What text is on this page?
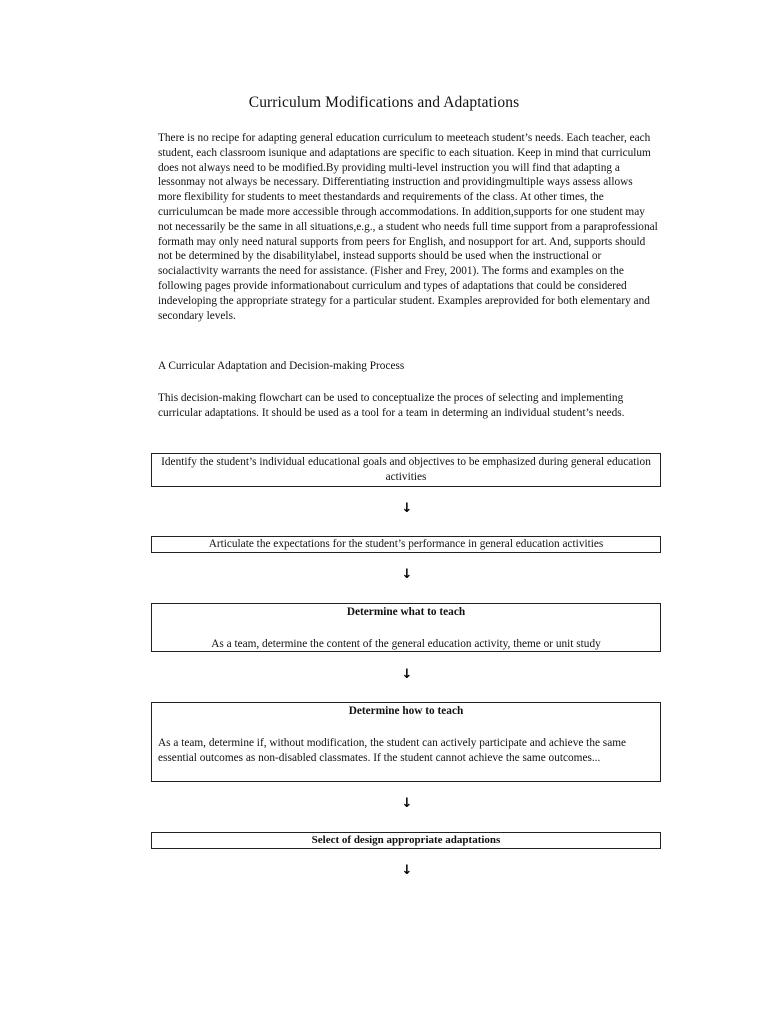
Curriculum Modifications and Adaptations

There is no recipe for adapting general education curriculum to meeteach student’s needs. Each teacher, each student, each classroom isunique and adaptations are specific to each situation. Keep in mind that curriculum does not always need to be modified.By providing multi-level instruction you will find that adapting a lessonmay not always be necessary. Differentiating instruction and providingmultiple ways assess allows more flexibility for students to meet thestandards and requirements of the class. At other times, the curriculumcan be made more accessible through accommodations. In addition,supports for one student may not necessarily be the same in all situations,e.g., a student who needs full time support from a paraprofessional formath may only need natural supports from peers for English, and nosupport for art. And, supports should not be determined by the disabilitylabel, instead supports should be used when the instructional or socialactivity warrants the need for assistance. (Fisher and Frey, 2001). The forms and examples on the following pages provide informationabout curriculum and types of adaptations that could be considered indeveloping the appropriate strategy for a particular student. Examples areprovided for both elementary and secondary levels.

A Curricular Adaptation and Decision-making Process

This decision-making flowchart can be used to conceptualize the proces of selecting and implementing curricular adaptations. It should be used as a tool for a team in determing an individual student’s needs.

Identify the student’s individual educational goals and objectives to be emphasized during general education activities
↓
Articulate the expectations for the student’s performance in general education activities
↓
Determine what to teach
As a team, determine the content of the general education activity, theme or unit study
↓
Determine how to teach
As a team, determine if, without modification, the student can actively participate and achieve the same essential outcomes as non-disabled classmates. If the student cannot achieve the same outcomes...
↓
Select of design appropriate adaptations
↓
